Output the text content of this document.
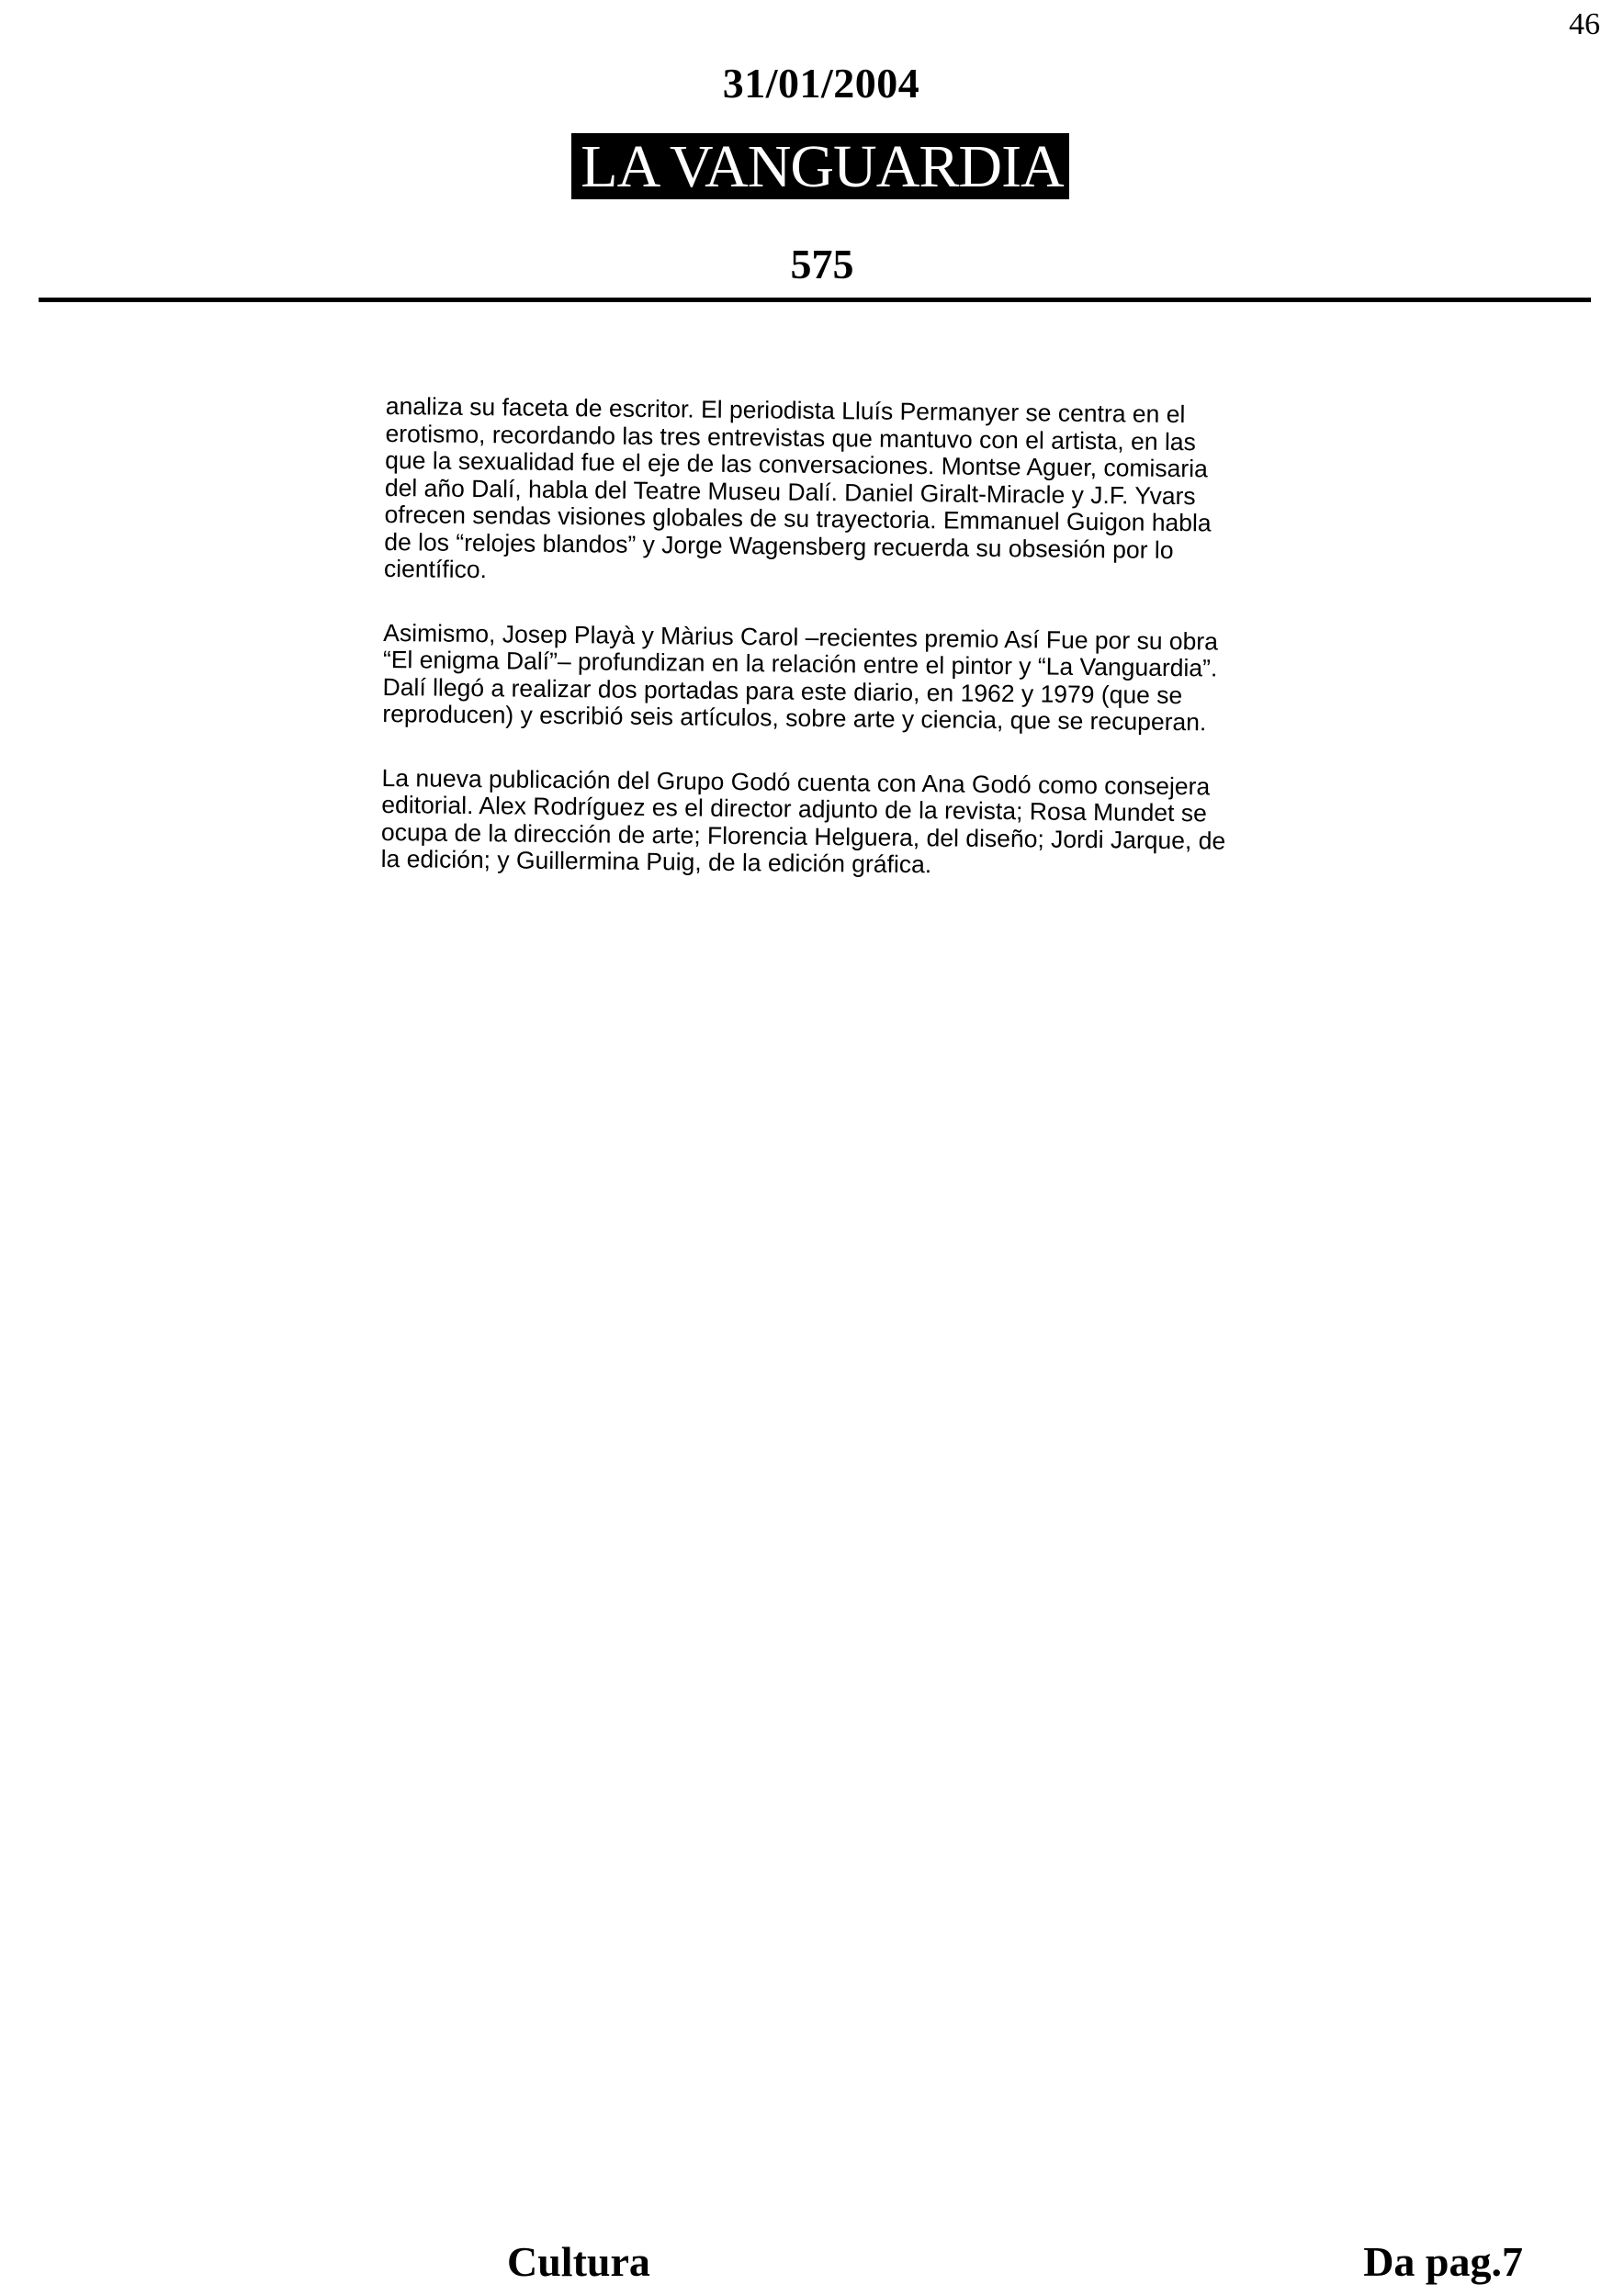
46
31/01/2004
LA VANGUARDIA
575

analiza su faceta de escritor. El periodista Lluís Permanyer se centra en el erotismo, recordando las tres entrevistas que mantuvo con el artista, en las que la sexualidad fue el eje de las conversaciones. Montse Aguer, comisaria del año Dalí, habla del Teatre Museu Dalí. Daniel Giralt-Miracle y J.F. Yvars ofrecen sendas visiones globales de su trayectoria. Emmanuel Guigon habla de los “relojes blandos” y Jorge Wagensberg recuerda su obsesión por lo científico.

Asimismo, Josep Playà y Màrius Carol –recientes premio Así Fue por su obra “El enigma Dalí”– profundizan en la relación entre el pintor y “La Vanguardia”. Dalí llegó a realizar dos portadas para este diario, en 1962 y 1979 (que se reproducen) y escribió seis artículos, sobre arte y ciencia, que se recuperan.

La nueva publicación del Grupo Godó cuenta con Ana Godó como consejera editorial. Alex Rodríguez es el director adjunto de la revista; Rosa Mundet se ocupa de la dirección de arte; Florencia Helguera, del diseño; Jordi Jarque, de la edición; y Guillermina Puig, de la edición gráfica.

Cultura	Da pag.7
